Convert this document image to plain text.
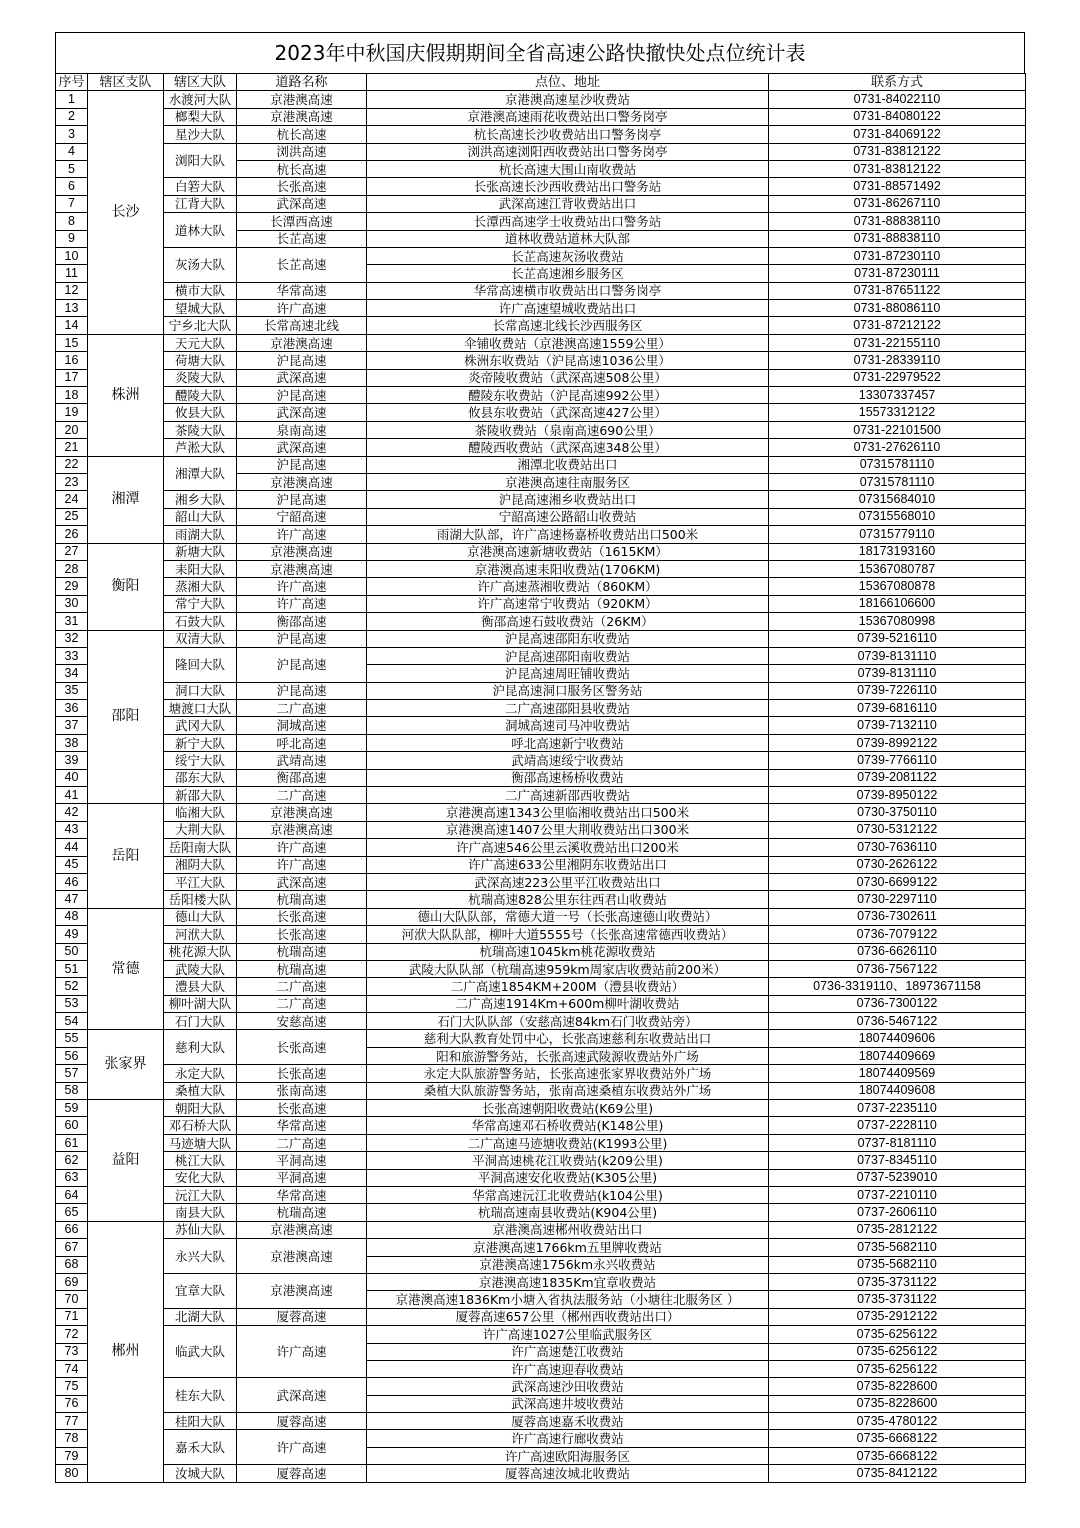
2023年中秋国庆假期期间全省高速公路快撤快处点位统计表
序号	辖区支队	辖区大队	道路名称	点位、地址	联系方式
1	长沙	水渡河大队	京港澳高速	京港澳高速星沙收费站	0731-84022110
2		榔梨大队	京港澳高速	京港澳高速雨花收费站出口警务岗亭	0731-84080122
3		星沙大队	杭长高速	杭长高速长沙收费站出口警务岗亭	0731-84069122
4		浏阳大队	浏洪高速	浏洪高速浏阳西收费站出口警务岗亭	0731-83812122
5			杭长高速	杭长高速大围山南收费站	0731-83812122
6		白箬大队	长张高速	长张高速长沙西收费站出口警务站	0731-88571492
7		江背大队	武深高速	武深高速江背收费站出口	0731-86267110
8		道林大队	长潭西高速	长潭西高速学士收费站出口警务站	0731-88838110
9			长芷高速	道林收费站道林大队部	0731-88838110
10		灰汤大队	长芷高速	长芷高速灰汤收费站	0731-87230110
11				长芷高速湘乡服务区	0731-87230111
12		横市大队	华常高速	华常高速横市收费站出口警务岗亭	0731-87651122
13		望城大队	许广高速	许广高速望城收费站出口	0731-88086110
14		宁乡北大队	长常高速北线	长常高速北线长沙西服务区	0731-87212122
15	株洲	天元大队	京港澳高速	伞铺收费站（京港澳高速1559公里）	0731-22155110
16		荷塘大队	沪昆高速	株洲东收费站（沪昆高速1036公里）	0731-28339110
17		炎陵大队	武深高速	炎帝陵收费站（武深高速508公里）	0731-22979522
18		醴陵大队	沪昆高速	醴陵东收费站（沪昆高速992公里）	13307337457
19		攸县大队	武深高速	攸县东收费站（武深高速427公里）	15573312122
20		茶陵大队	泉南高速	茶陵收费站（泉南高速690公里）	0731-22101500
21		芦淞大队	武深高速	醴陵西收费站（武深高速348公里）	0731-27626110
22	湘潭	湘潭大队	沪昆高速	湘潭北收费站出口	07315781110
23			京港澳高速	京港澳高速往南服务区	07315781110
24		湘乡大队	沪昆高速	沪昆高速湘乡收费站出口	07315684010
25		韶山大队	宁韶高速	宁韶高速公路韶山收费站	07315568010
26		雨湖大队	许广高速	雨湖大队部，许广高速杨嘉桥收费站出口500米	07315779110
27	衡阳	新塘大队	京港澳高速	京港澳高速新塘收费站（1615KM）	18173193160
28		耒阳大队	京港澳高速	京港澳高速耒阳收费站(1706KM)	15367080787
29		蒸湘大队	许广高速	许广高速蒸湘收费站（860KM）	15367080878
30		常宁大队	许广高速	许广高速常宁收费站（920KM）	18166106600
31		石鼓大队	衡邵高速	衡邵高速石鼓收费站（26KM）	15367080998
32	邵阳	双清大队	沪昆高速	沪昆高速邵阳东收费站	0739-5216110
33		隆回大队	沪昆高速	沪昆高速邵阳南收费站	0739-8131110
34				沪昆高速周旺铺收费站	0739-8131110
35		洞口大队	沪昆高速	沪昆高速洞口服务区警务站	0739-7226110
36		塘渡口大队	二广高速	二广高速邵阳县收费站	0739-6816110
37		武冈大队	洞城高速	洞城高速司马冲收费站	0739-7132110
38		新宁大队	呼北高速	呼北高速新宁收费站	0739-8992122
39		绥宁大队	武靖高速	武靖高速绥宁收费站	0739-7766110
40		邵东大队	衡邵高速	衡邵高速杨桥收费站	0739-2081122
41		新邵大队	二广高速	二广高速新邵西收费站	0739-8950122
42	岳阳	临湘大队	京港澳高速	京港澳高速1343公里临湘收费站出口500米	0730-3750110
43		大荆大队	京港澳高速	京港澳高速1407公里大荆收费站出口300米	0730-5312122
44		岳阳南大队	许广高速	许广高速546公里云溪收费站出口200米	0730-7636110
45		湘阴大队	许广高速	许广高速633公里湘阴东收费站出口	0730-2626122
46		平江大队	武深高速	武深高速223公里平江收费站出口	0730-6699122
47		岳阳楼大队	杭瑞高速	杭瑞高速828公里东往西君山收费站	0730-2297110
48	常德	德山大队	长张高速	德山大队队部，常德大道一号（长张高速德山收费站）	0736-7302611
49		河洑大队	长张高速	河洑大队队部，柳叶大道5555号（长张高速常德西收费站）	0736-7079122
50		桃花源大队	杭瑞高速	杭瑞高速1045km桃花源收费站	0736-6626110
51		武陵大队	杭瑞高速	武陵大队队部（杭瑞高速959km周家店收费站前200米）	0736-7567122
52		澧县大队	二广高速	二广高速1854KM+200M（澧县收费站）	0736-3319110、18973671158
53		柳叶湖大队	二广高速	二广高速1914Km+600m柳叶湖收费站	0736-7300122
54		石门大队	安慈高速	石门大队队部（安慈高速84km石门收费站旁）	0736-5467122
55	张家界	慈利大队	长张高速	慈利大队教育处罚中心，长张高速慈利东收费站出口	18074409606
56				阳和旅游警务站，长张高速武陵源收费站外广场	18074409669
57		永定大队	长张高速	永定大队旅游警务站，长张高速张家界收费站外广场	18074409569
58		桑植大队	张南高速	桑植大队旅游警务站，张南高速桑植东收费站外广场	18074409608
59	益阳	朝阳大队	长张高速	长张高速朝阳收费站(K69公里)	0737-2235110
60		邓石桥大队	华常高速	华常高速邓石桥收费站(K148公里)	0737-2228110
61		马迹塘大队	二广高速	二广高速马迹塘收费站(K1993公里)	0737-8181110
62		桃江大队	平洞高速	平洞高速桃花江收费站(k209公里)	0737-8345110
63		安化大队	平洞高速	平洞高速安化收费站(K305公里)	0737-5239010
64		沅江大队	华常高速	华常高速沅江北收费站(k104公里)	0737-2210110
65		南县大队	杭瑞高速	杭瑞高速南县收费站(K904公里)	0737-2606110
66	郴州	苏仙大队	京港澳高速	京港澳高速郴州收费站出口	0735-2812122
67		永兴大队	京港澳高速	京港澳高速1766km五里牌收费站	0735-5682110
68				京港澳高速1756km永兴收费站	0735-5682110
69		宜章大队	京港澳高速	京港澳高速1835Km宜章收费站	0735-3731122
70				京港澳高速1836Km小塘入省执法服务站（小塘往北服务区 ）	0735-3731122
71		北湖大队	厦蓉高速	厦蓉高速657公里（郴州西收费站出口）	0735-2912122
72		临武大队	许广高速	许广高速1027公里临武服务区	0735-6256122
73				许广高速楚江收费站	0735-6256122
74				许广高速迎春收费站	0735-6256122
75		桂东大队	武深高速	武深高速沙田收费站	0735-8228600
76				武深高速井坡收费站	0735-8228600
77		桂阳大队	厦蓉高速	厦蓉高速嘉禾收费站	0735-4780122
78		嘉禾大队	许广高速	许广高速行廊收费站	0735-6668122
79				许广高速欧阳海服务区	0735-6668122
80		汝城大队	厦蓉高速	厦蓉高速汝城北收费站	0735-8412122
